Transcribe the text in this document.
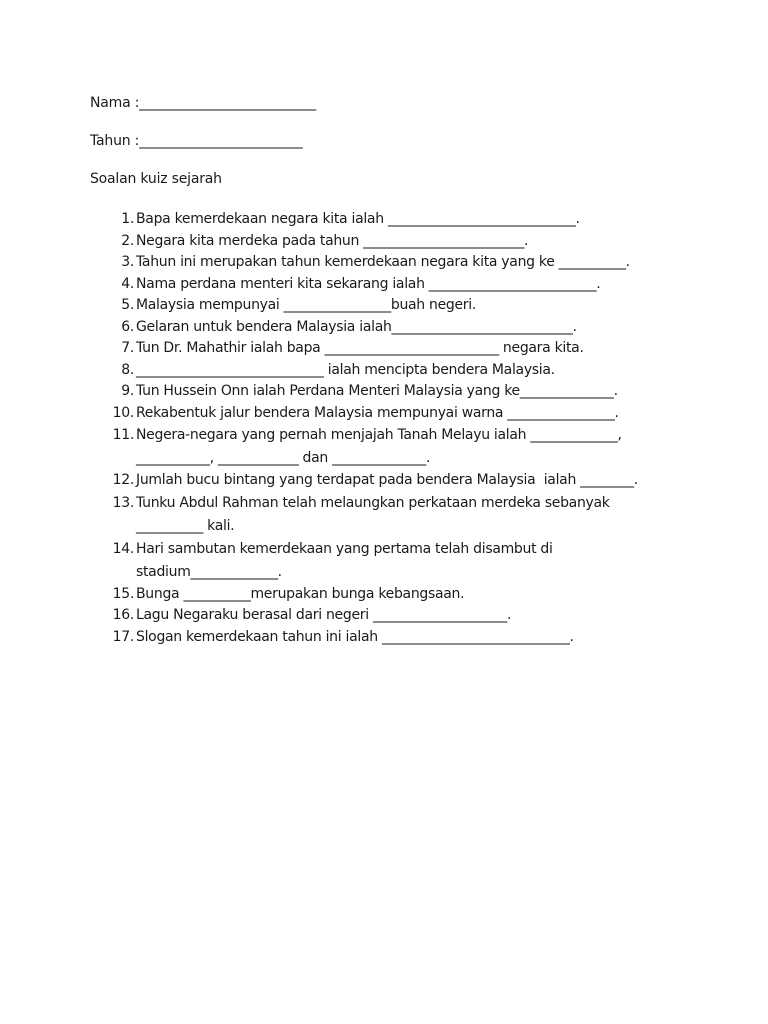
Nama :__________________________
Tahun :________________________
Soalan kuiz sejarah
1. Bapa kemerdekaan negara kita ialah ____________________________.
2. Negara kita merdeka pada tahun ________________________.
3. Tahun ini merupakan tahun kemerdekaan negara kita yang ke __________.
4. Nama perdana menteri kita sekarang ialah _________________________.
5. Malaysia mempunyai ________________buah negeri.
6. Gelaran untuk bendera Malaysia ialah___________________________.
7. Tun Dr. Mahathir ialah bapa __________________________ negara kita.
8. ____________________________ ialah mencipta bendera Malaysia.
9. Tun Hussein Onn ialah Perdana Menteri Malaysia yang ke______________.
10. Rekabentuk jalur bendera Malaysia mempunyai warna ________________.
11. Negera-negara yang pernah menjajah Tanah Melayu ialah _____________,
___________, ____________ dan ______________.
12. Jumlah bucu bintang yang terdapat pada bendera Malaysia  ialah ________.
13. Tunku Abdul Rahman telah melaungkan perkataan merdeka sebanyak
__________ kali.
14. Hari sambutan kemerdekaan yang pertama telah disambut di
stadium_____________.
15. Bunga __________merupakan bunga kebangsaan.
16. Lagu Negaraku berasal dari negeri ____________________.
17. Slogan kemerdekaan tahun ini ialah ____________________________.
